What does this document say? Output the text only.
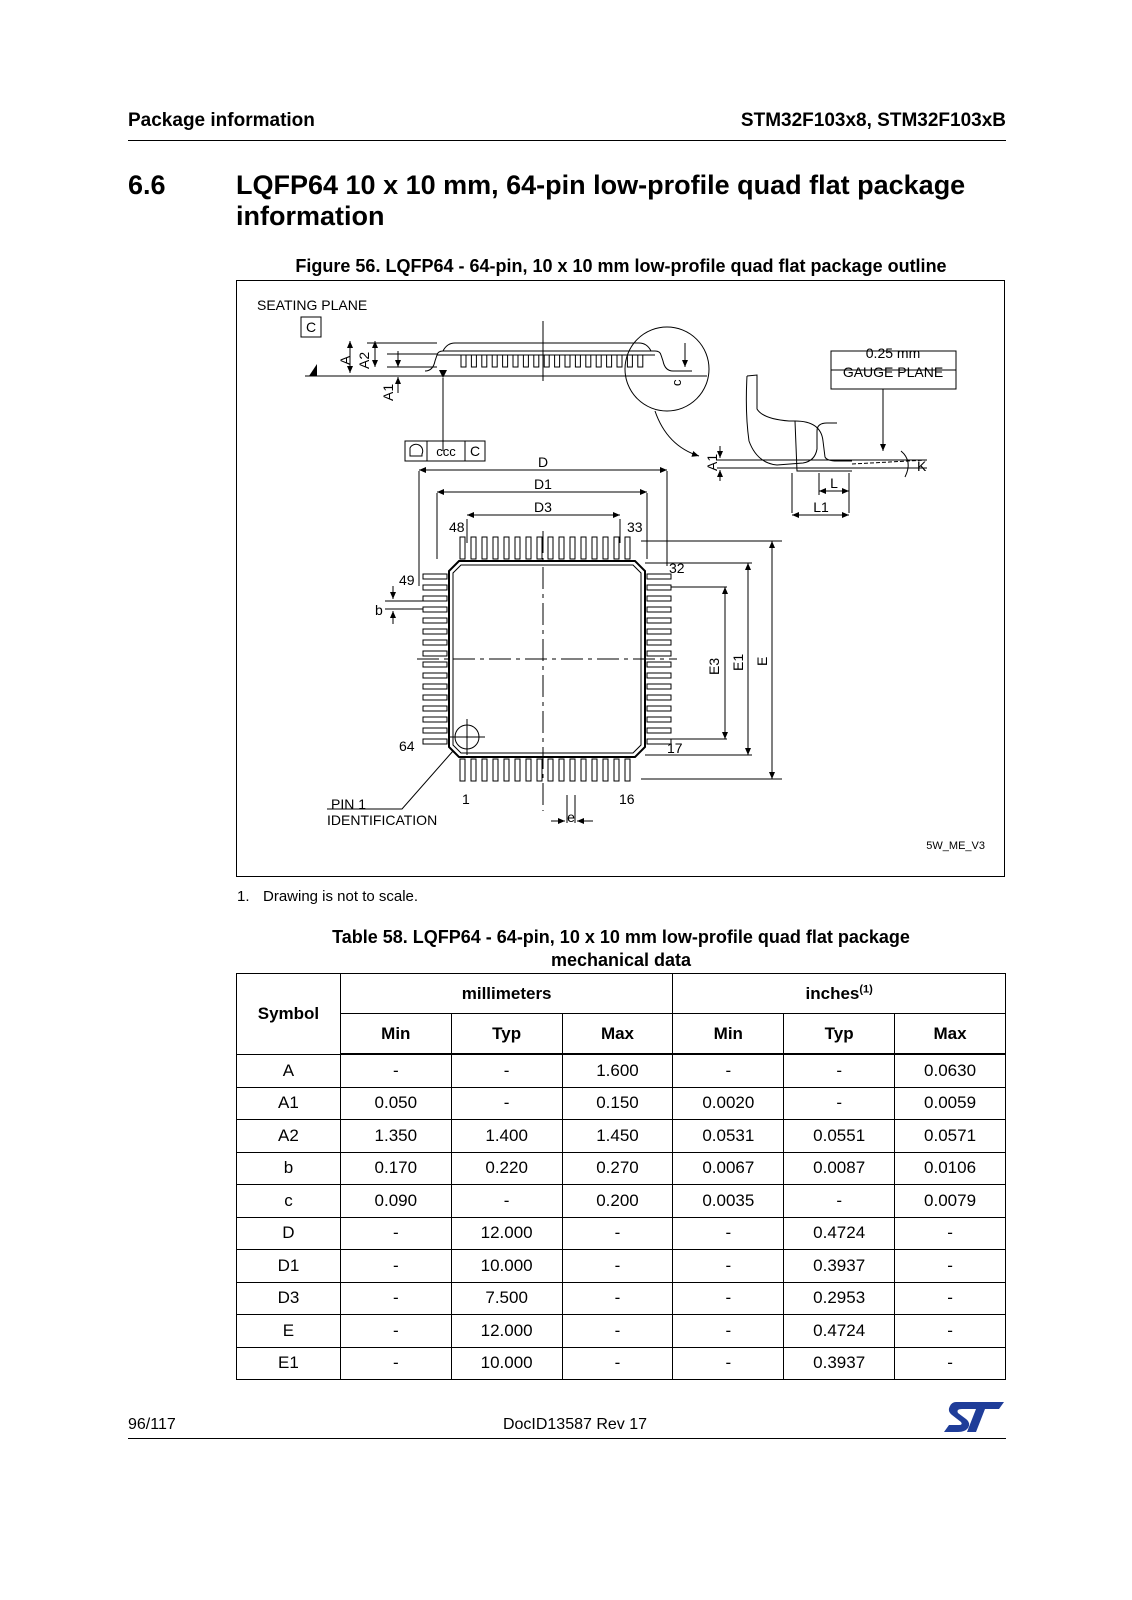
Package information	STM32F103x8, STM32F103xB
6.6	LQFP64 10 x 10 mm, 64-pin low-profile quad flat package information
Figure 56. LQFP64 - 64-pin, 10 x 10 mm low-profile quad flat package outline
SEATING PLANE
C
A A2
A1
c
ccc C
0.25 mm
GAUGE PLANE
A1	K
L
L1
D
D1
D3
48	33
32
49
b
E3 E1 E
64	17
1	16
PIN 1
IDENTIFICATION	e
5W_ME_V3
1. Drawing is not to scale.
Table 58. LQFP64 - 64-pin, 10 x 10 mm low-profile quad flat package
mechanical data
Symbol	millimeters			inches$^{(1)}$
	Min	Typ	Max	Min	Typ	Max
A	-	-	1.600	-	-	0.0630
A1	0.050	-	0.150	0.0020	-	0.0059
A2	1.350	1.400	1.450	0.0531	0.0551	0.0571
b	0.170	0.220	0.270	0.0067	0.0087	0.0106
c	0.090	-	0.200	0.0035	-	0.0079
D	-	12.000	-	-	0.4724	-
D1	-	10.000	-	-	0.3937	-
D3	-	7.500	-	-	0.2953	-
E	-	12.000	-	-	0.4724	-
E1	-	10.000	-	-	0.3937	-
96/117	DocID13587 Rev 17
